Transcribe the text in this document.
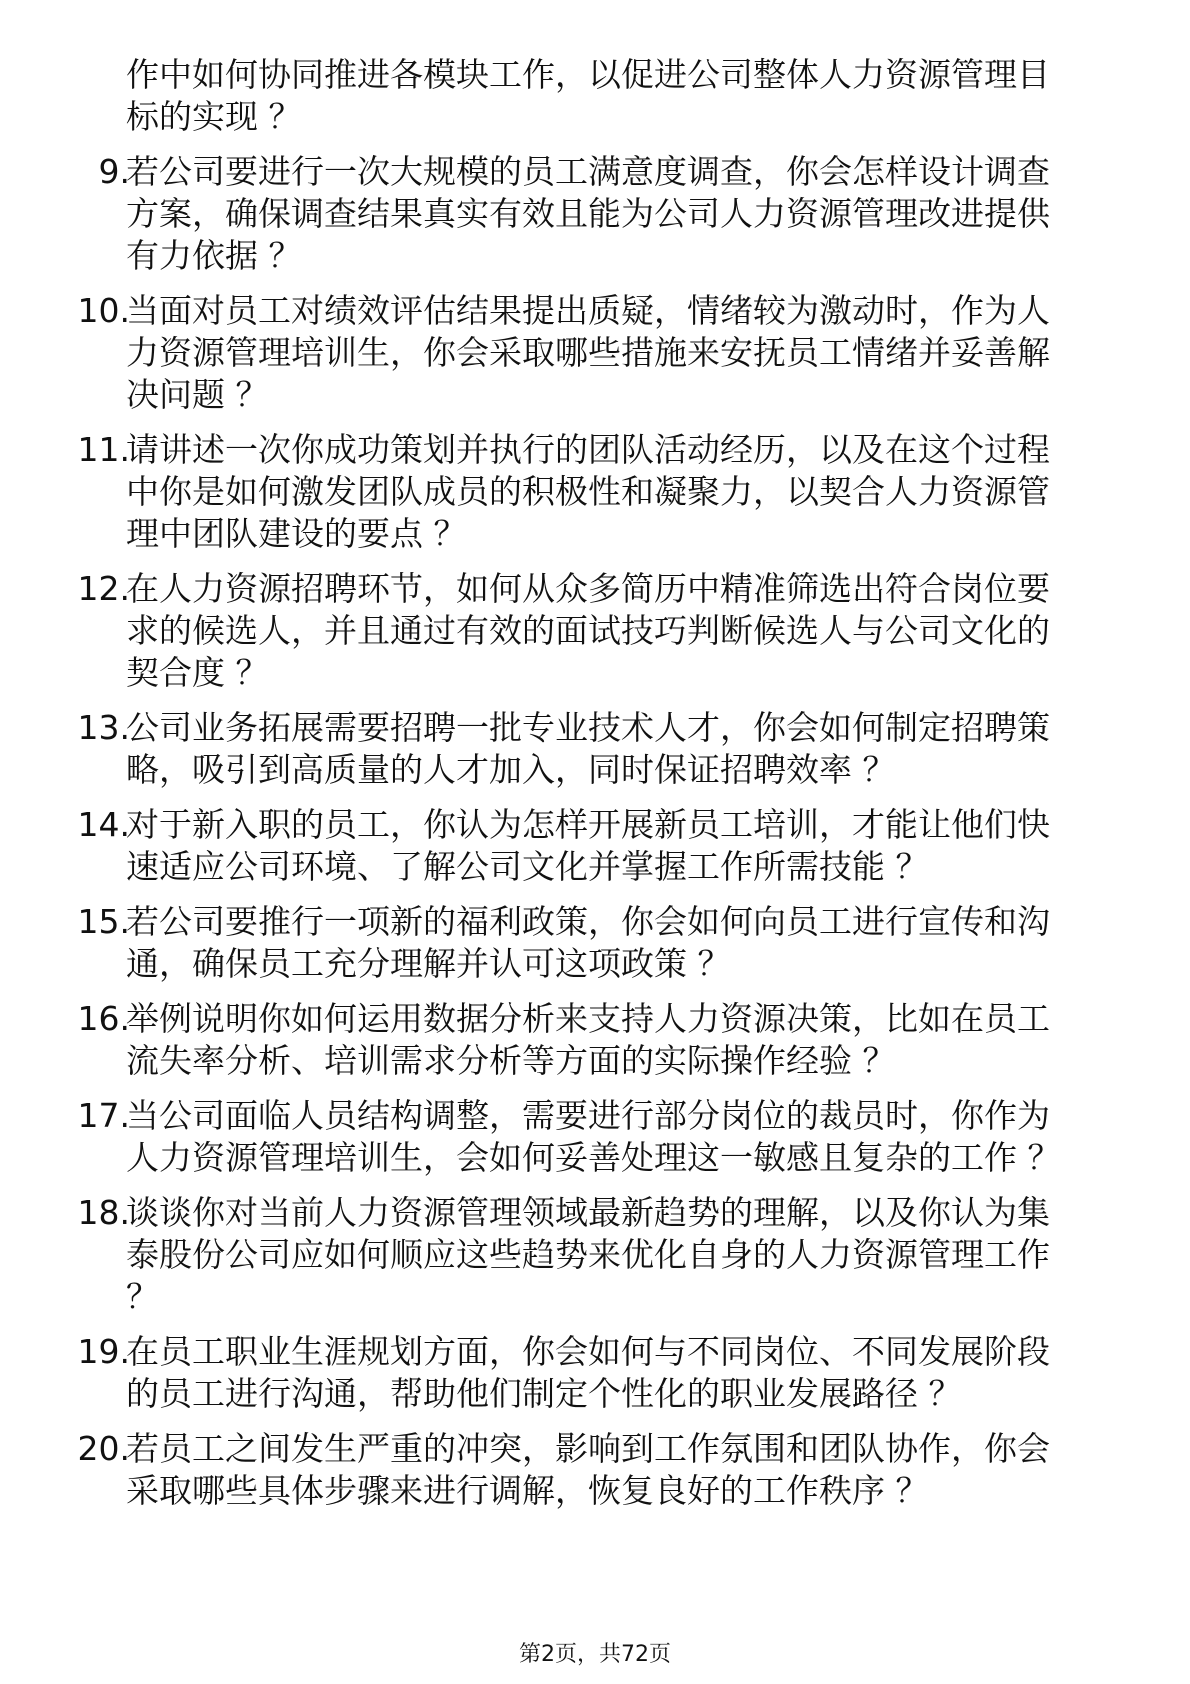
作中如何协同推进各模块工作，以促进公司整体人力资源管理目
标的实现 ？
9.
若公司要进行一次大规模的员工满意度调查，你会怎样设计调查
方案，确保调查结果真实有效且能为公司人力资源管理改进提供
有力依据 ？
10.
当面对员工对绩效评估结果提出质疑，情绪较为激动时，作为人
力资源管理培训生，你会采取哪些措施来安抚员工情绪并妥善解
决问题 ？
11.
请讲述一次你成功策划并执行的团队活动经历，以及在这个过程
中你是如何激发团队成员的积极性和凝聚力，以契合人力资源管
理中团队建设的要点 ？
12.
在人力资源招聘环节，如何从众多简历中精准筛选出符合岗位要
求的候选人，并且通过有效的面试技巧判断候选人与公司文化的
契合度 ？
13.
公司业务拓展需要招聘一批专业技术人才，你会如何制定招聘策
略，吸引到高质量的人才加入，同时保证招聘效率 ？
14.
对于新入职的员工，你认为怎样开展新员工培训，才能让他们快
速适应公司环境、了解公司文化并掌握工作所需技能 ？
15.
若公司要推行一项新的福利政策，你会如何向员工进行宣传和沟
通，确保员工充分理解并认可这项政策 ？
16.
举例说明你如何运用数据分析来支持人力资源决策，比如在员工
流失率分析、培训需求分析等方面的实际操作经验 ？
17.
当公司面临人员结构调整，需要进行部分岗位的裁员时，你作为
人力资源管理培训生，会如何妥善处理这一敏感且复杂的工作 ？
18.
谈谈你对当前人力资源管理领域最新趋势的理解，以及你认为集
泰股份公司应如何顺应这些趋势来优化自身的人力资源管理工作
？
19.
在员工职业生涯规划方面，你会如何与不同岗位、不同发展阶段
的员工进行沟通，帮助他们制定个性化的职业发展路径 ？
20.
若员工之间发生严重的冲突，影响到工作氛围和团队协作，你会
采取哪些具体步骤来进行调解，恢复良好的工作秩序 ？
第2页，共72页
